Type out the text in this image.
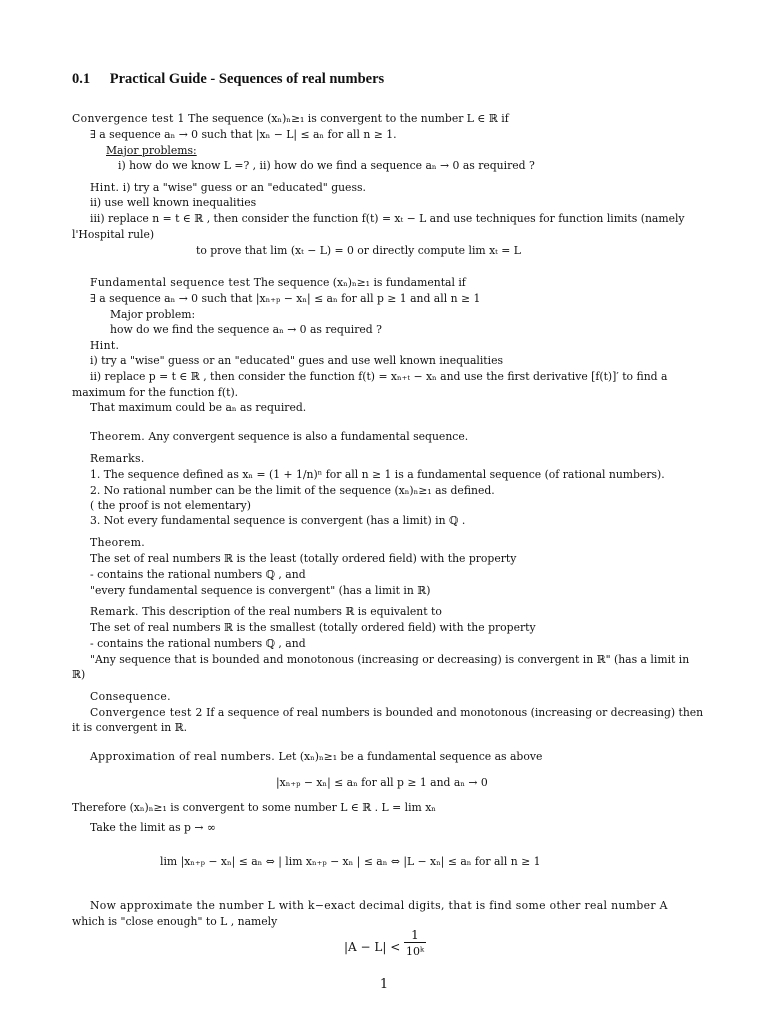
0.1 Practical Guide - Sequences of real numbers
Convergence test 1 The sequence (xₙ)ₙ≥₁ is convergent to the number L ∈ ℝ if
∃ a sequence aₙ → 0 such that |xₙ − L| ≤ aₙ for all n ≥ 1.
Major problems:
i) how do we know L =? , ii) how do we find a sequence aₙ → 0 as required ?
Hint. i) try a "wise" guess or an "educated" guess.
ii) use well known inequalities
iii) replace n = t ∈ ℝ , then consider the function f(t) = xₜ − L and use techniques for function limits (namely
l'Hospital rule)
to prove that lim (xₜ − L) = 0 or directly compute lim xₜ = L
Fundamental sequence test The sequence (xₙ)ₙ≥₁ is fundamental if
∃ a sequence aₙ → 0 such that |xₙ₊ₚ − xₙ| ≤ aₙ for all p ≥ 1 and all n ≥ 1
Major problem:
how do we find the sequence aₙ → 0 as required ?
Hint.
i) try a "wise" guess or an "educated" gues and use well known inequalities
ii) replace p = t ∈ ℝ , then consider the function f(t) = xₙ₊ₜ − xₙ and use the first derivative [f(t)]′ to find a
maximum for the function f(t).
That maximum could be aₙ as required.
Theorem. Any convergent sequence is also a fundamental sequence.
Remarks.
1. The sequence defined as xₙ = (1 + 1/n)ⁿ for all n ≥ 1 is a fundamental sequence (of rational numbers).
2. No rational number can be the limit of the sequence (xₙ)ₙ≥₁ as defined.
( the proof is not elementary)
3. Not every fundamental sequence is convergent (has a limit) in ℚ .
Theorem.
The set of real numbers ℝ is the least (totally ordered field) with the property
- contains the rational numbers ℚ , and
"every fundamental sequence is convergent" (has a limit in ℝ)
Remark. This description of the real numbers ℝ is equivalent to
The set of real numbers ℝ is the smallest (totally ordered field) with the property
- contains the rational numbers ℚ , and
"Any sequence that is bounded and monotonous (increasing or decreasing) is convergent in ℝ" (has a limit in
ℝ)
Consequence.
Convergence test 2 If a sequence of real numbers is bounded and monotonous (increasing or decreasing) then
it is convergent in ℝ.
Approximation of real numbers. Let (xₙ)ₙ≥₁ be a fundamental sequence as above
|xₙ₊ₚ − xₙ| ≤ aₙ for all p ≥ 1 and aₙ → 0
Therefore (xₙ)ₙ≥₁ is convergent to some number L ∈ ℝ . L = lim xₙ
Take the limit as p → ∞
lim |xₙ₊ₚ − xₙ| ≤ aₙ ⇔ | lim xₙ₊ₚ − xₙ | ≤ aₙ ⇔ |L − xₙ| ≤ aₙ for all n ≥ 1
Now approximate the number L with k−exact decimal digits, that is find some other real number A
which is "close enough" to L , namely
|A − L| <
1
10ᵏ
1
